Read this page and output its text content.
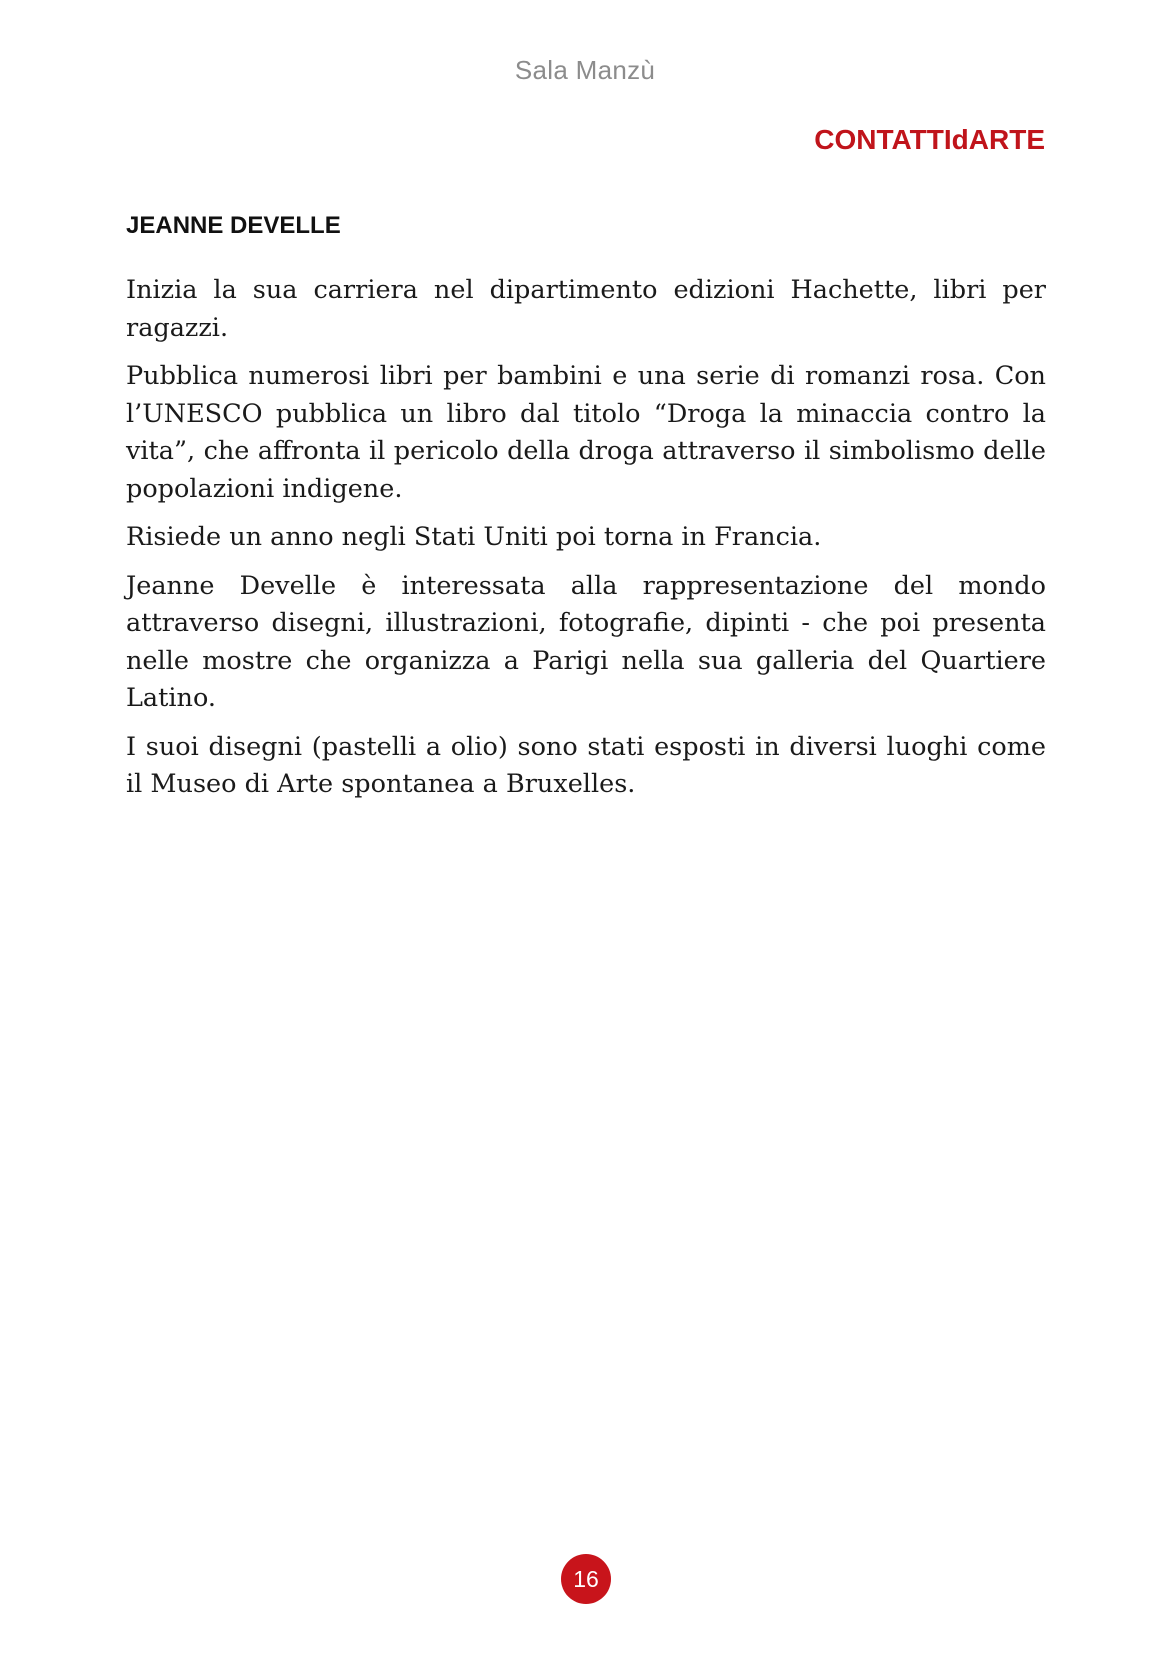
Sala Manzù
CONTATTIdARTE
JEANNE DEVELLE

Inizia la sua carriera nel dipartimento edizioni Hachette, libri per ragazzi.

Pubblica numerosi libri per bambini e una serie di romanzi rosa. Con l’UNESCO pubblica un libro dal titolo “Droga la minaccia contro la vita”, che affronta il pericolo della droga attraverso il simbolismo delle popolazioni indigene.

Risiede un anno negli Stati Uniti poi torna in Francia.

Jeanne Develle è interessata alla rappresentazione del mondo attraverso disegni, illustrazioni, fotografie, dipinti - che poi presenta nelle mostre che organizza a Parigi nella sua galleria del Quartiere Latino.

I suoi disegni (pastelli a olio) sono stati esposti in diversi luoghi come il Museo di Arte spontanea a Bruxelles.

16
